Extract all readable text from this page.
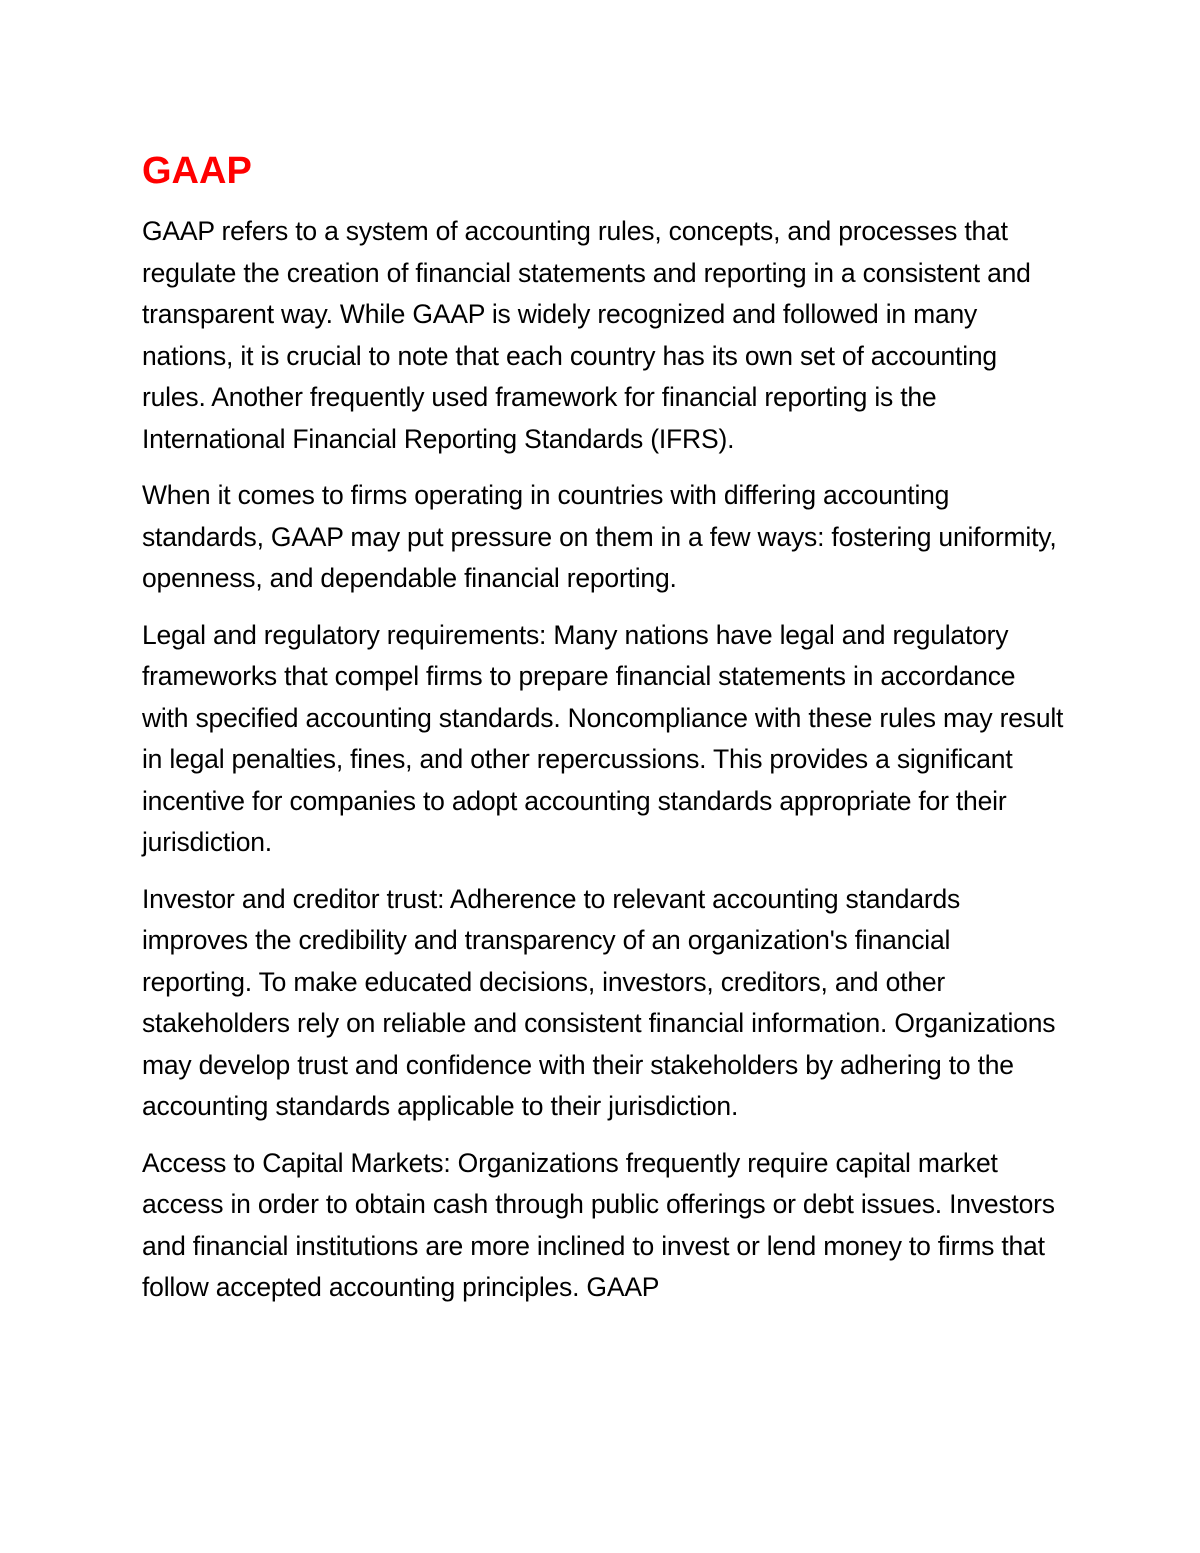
GAAP

GAAP refers to a system of accounting rules, concepts, and processes that regulate the creation of financial statements and reporting in a consistent and transparent way. While GAAP is widely recognized and followed in many nations, it is crucial to note that each country has its own set of accounting rules. Another frequently used framework for financial reporting is the International Financial Reporting Standards (IFRS).

When it comes to firms operating in countries with differing accounting standards, GAAP may put pressure on them in a few ways: fostering uniformity, openness, and dependable financial reporting.

Legal and regulatory requirements: Many nations have legal and regulatory frameworks that compel firms to prepare financial statements in accordance with specified accounting standards. Noncompliance with these rules may result in legal penalties, fines, and other repercussions. This provides a significant incentive for companies to adopt accounting standards appropriate for their jurisdiction.

Investor and creditor trust: Adherence to relevant accounting standards improves the credibility and transparency of an organization's financial reporting. To make educated decisions, investors, creditors, and other stakeholders rely on reliable and consistent financial information. Organizations may develop trust and confidence with their stakeholders by adhering to the accounting standards applicable to their jurisdiction.

Access to Capital Markets: Organizations frequently require capital market access in order to obtain cash through public offerings or debt issues. Investors and financial institutions are more inclined to invest or lend money to firms that follow accepted accounting principles. GAAP
